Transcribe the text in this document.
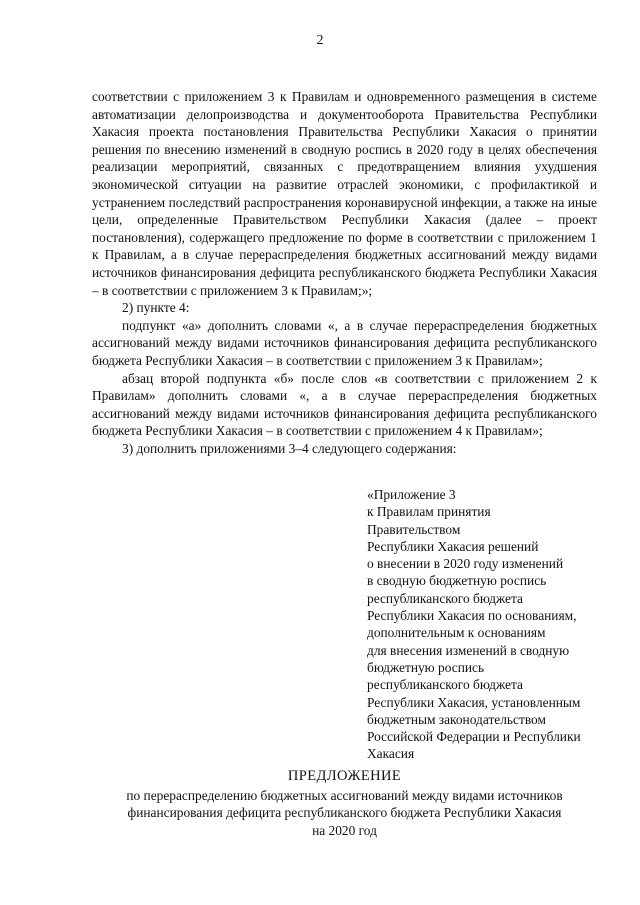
2

соответствии с приложением 3 к Правилам и одновременного размещения в системе автоматизации делопроизводства и документооборота Правительства Республики Хакасия проекта постановления Правительства Республики Хакасия о принятии решения по внесению изменений в сводную роспись в 2020 году в целях обеспечения реализации мероприятий, связанных с предотвращением влияния ухудшения экономической ситуации на развитие отраслей экономики, с профилактикой и устранением последствий распространения коронавирусной инфекции, а также на иные цели, определенные Правительством Республики Хакасия (далее – проект постановления), содержащего предложение по форме в соответствии с приложением 1 к Правилам, а в случае перераспределения бюджетных ассигнований между видами источников финансирования дефицита республиканского бюджета Республики Хакасия – в соответствии с приложением 3 к Правилам;»;

2) пункте 4:

подпункт «а» дополнить словами «, а в случае перераспределения бюджетных ассигнований между видами источников финансирования дефицита республиканского бюджета Республики Хакасия – в соответствии с приложением 3 к Правилам»;

абзац второй подпункта «б» после слов «в соответствии с приложением 2 к Правилам» дополнить словами «, а в случае перераспределения бюджетных ассигнований между видами источников финансирования дефицита республиканского бюджета Республики Хакасия – в соответствии с приложением 4 к Правилам»;

3) дополнить приложениями 3–4 следующего содержания:

«Приложение 3
к Правилам принятия
Правительством
Республики Хакасия решений
о внесении в 2020 году изменений
в сводную бюджетную роспись
республиканского бюджета
Республики Хакасия по основаниям,
дополнительным к основаниям
для внесения изменений в сводную
бюджетную роспись
республиканского бюджета
Республики Хакасия, установленным
бюджетным законодательством
Российской Федерации и Республики
Хакасия
ПРЕДЛОЖЕНИЕ
по перераспределению бюджетных ассигнований между видами источников
финансирования дефицита республиканского бюджета Республики Хакасия
на 2020 год
